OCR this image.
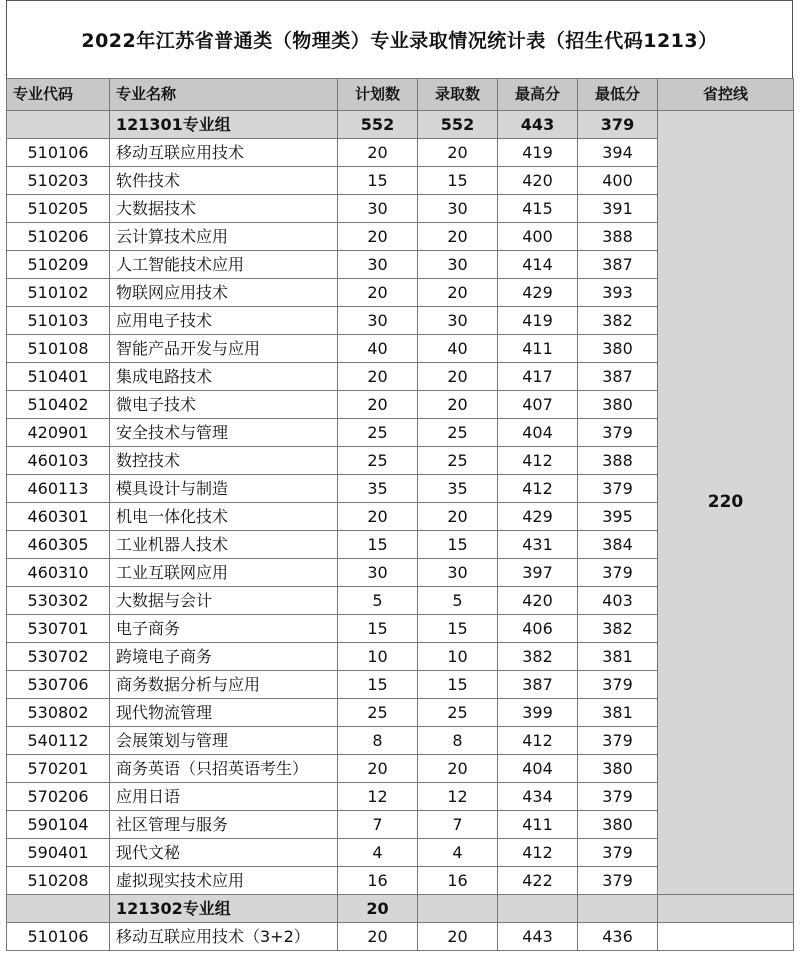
2022年江苏省普通类（物理类）专业录取情况统计表（招生代码1213）
专业代码	专业名称	计划数	录取数	最高分	最低分	省控线
	121301专业组	552	552	443	379	220
510106	移动互联应用技术	20	20	419	394	
510203	软件技术	15	15	420	400	
510205	大数据技术	30	30	415	391	
510206	云计算技术应用	20	20	400	388	
510209	人工智能技术应用	30	30	414	387	
510102	物联网应用技术	20	20	429	393	
510103	应用电子技术	30	30	419	382	
510108	智能产品开发与应用	40	40	411	380	
510401	集成电路技术	20	20	417	387	
510402	微电子技术	20	20	407	380	
420901	安全技术与管理	25	25	404	379	
460103	数控技术	25	25	412	388	
460113	模具设计与制造	35	35	412	379	
460301	机电一体化技术	20	20	429	395	
460305	工业机器人技术	15	15	431	384	
460310	工业互联网应用	30	30	397	379	
530302	大数据与会计	5	5	420	403	
530701	电子商务	15	15	406	382	
530702	跨境电子商务	10	10	382	381	
530706	商务数据分析与应用	15	15	387	379	
530802	现代物流管理	25	25	399	381	
540112	会展策划与管理	8	8	412	379	
570201	商务英语（只招英语考生）	20	20	404	380	
570206	应用日语	12	12	434	379	
590104	社区管理与服务	7	7	411	380	
590401	现代文秘	4	4	412	379	
510208	虚拟现实技术应用	16	16	422	379	
	121302专业组	20				
510106	移动互联应用技术（3+2）	20	20	443	436	
